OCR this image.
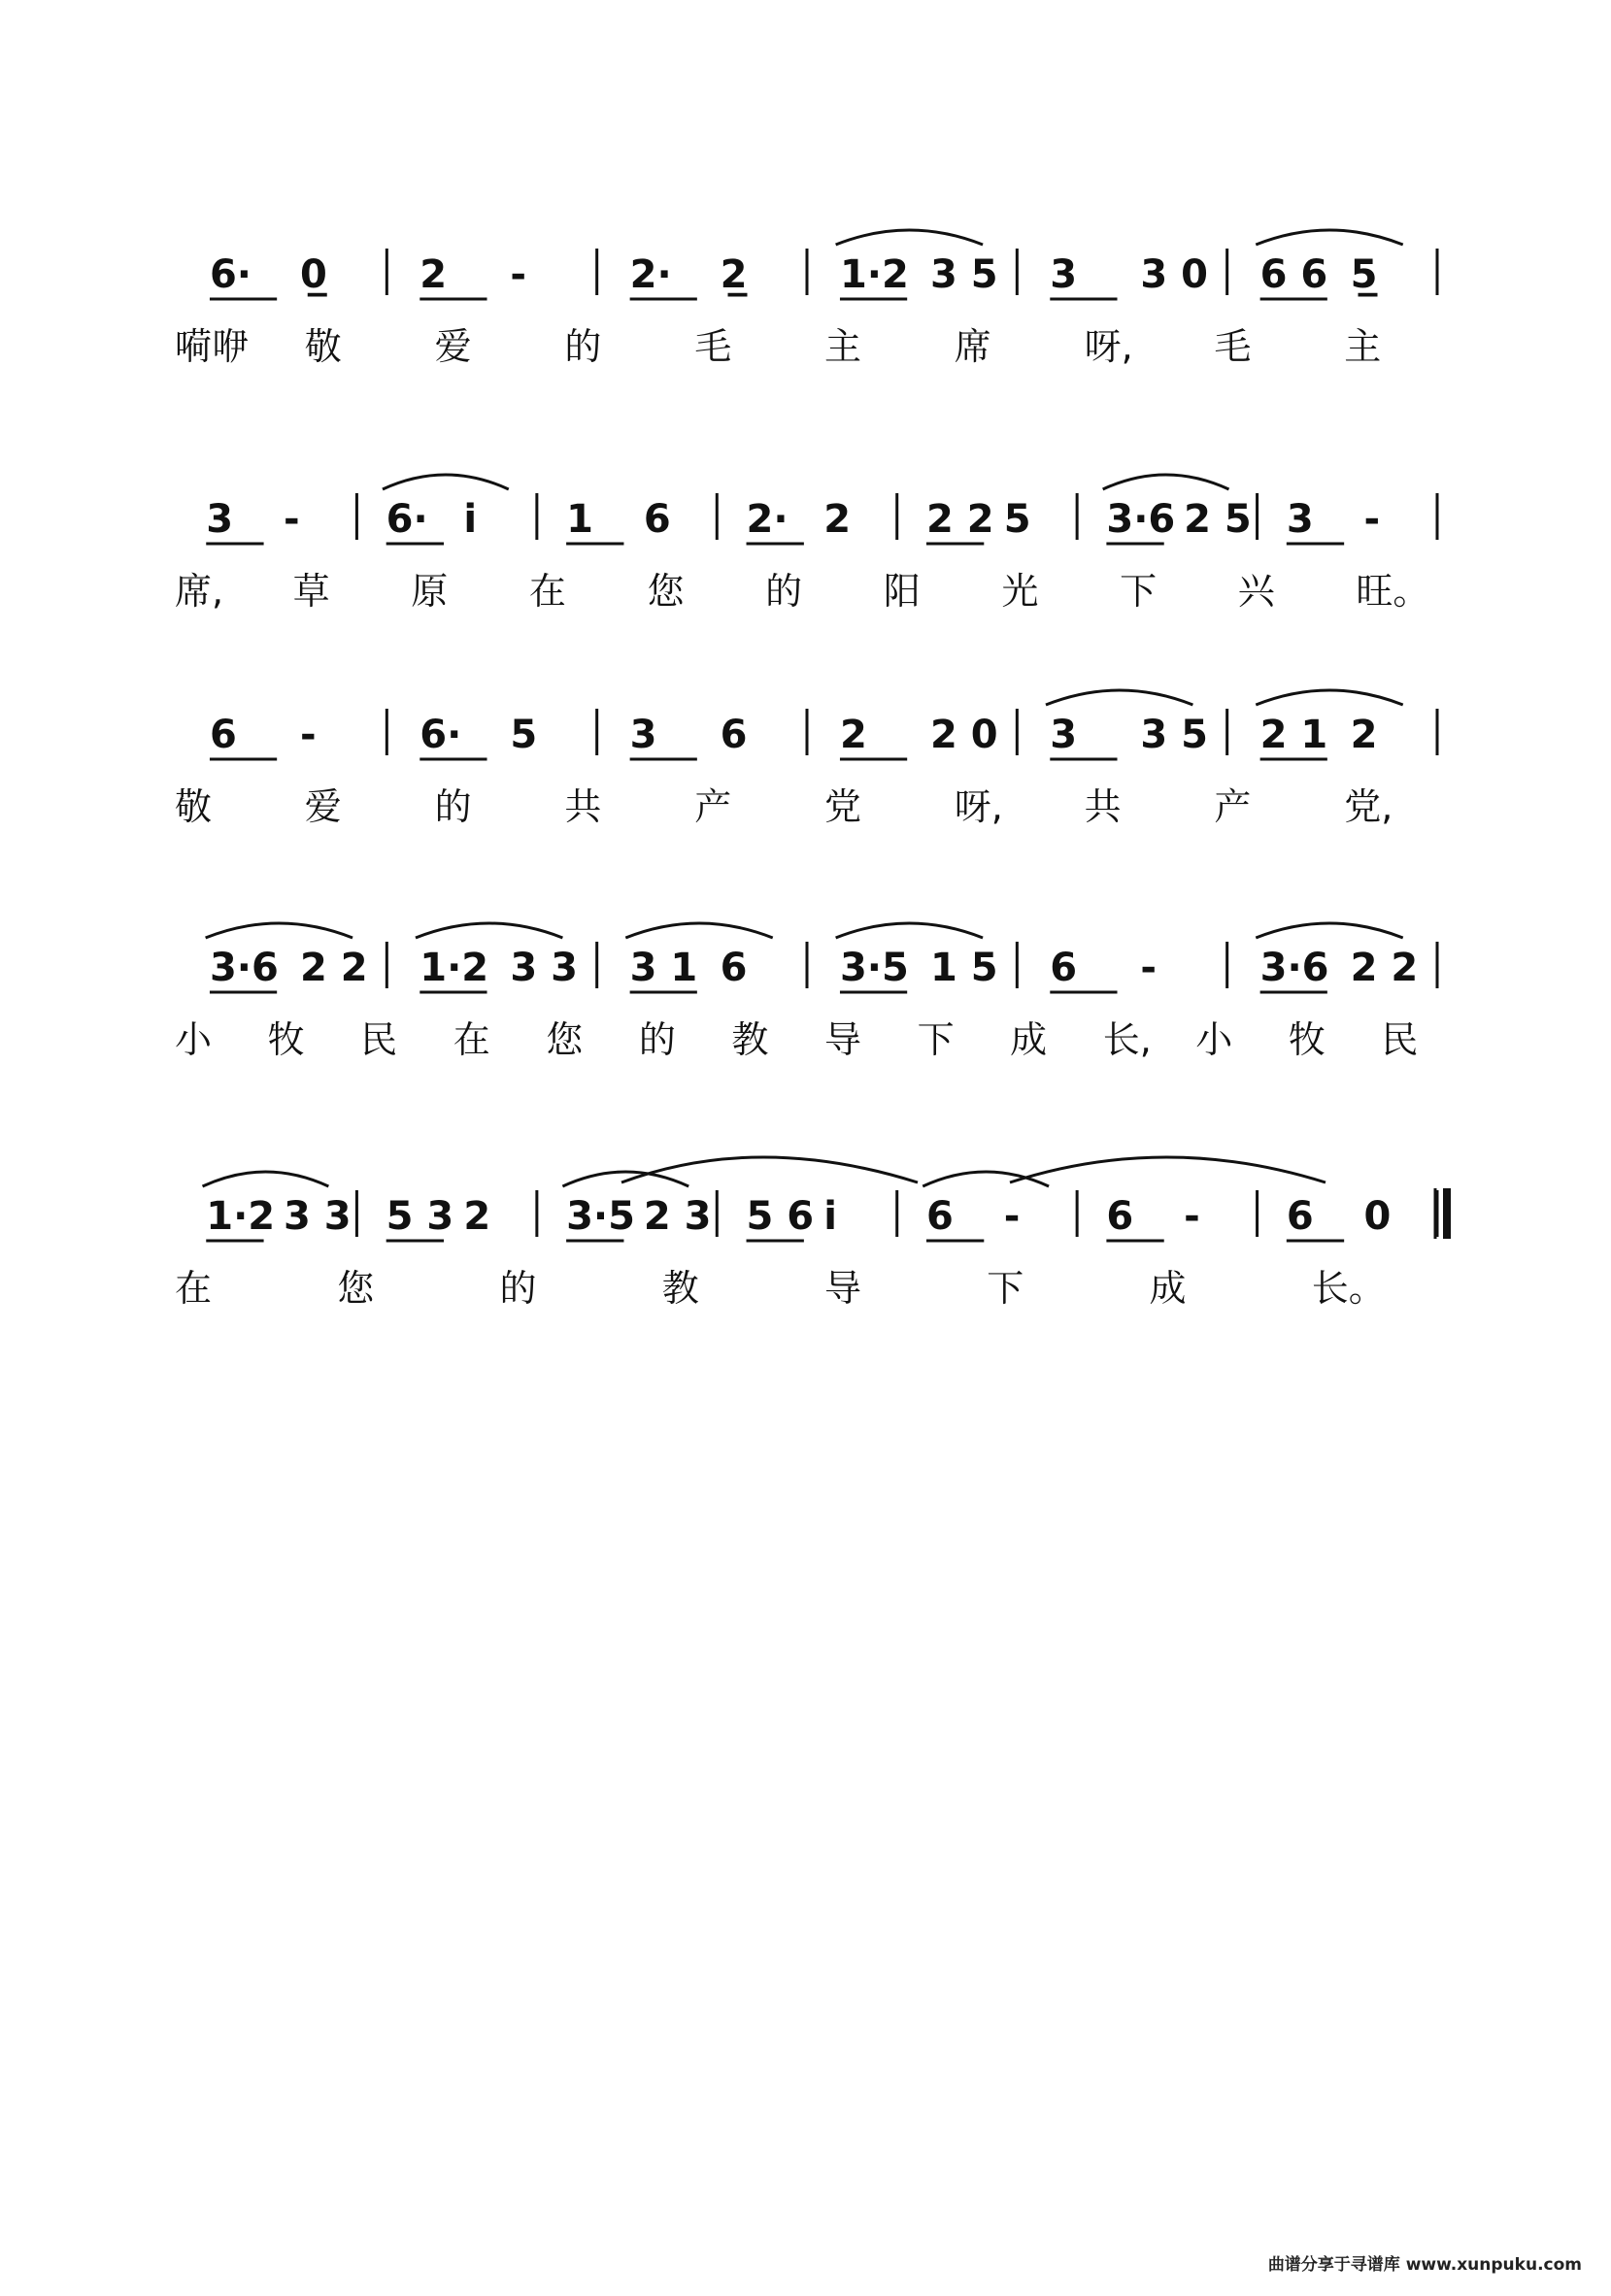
6· 0̲ 2 -	2· 2̲ 1·2 3 5 3 3 0 6 6 5̲
嗬咿 敬	爱	的	毛	主	席	呀, 毛	主
3 - 6· i 1 6 2· 2 2 2 5 3·6 2 5 3 -
席, 草 原 在 您 的 阳 光 下 兴 旺。
6 -	6· 5 3 6 2 2 0 3 3 5 2 1 2
敬	爱	的	共	产	党	呀, 共	产	党,
3·6 2 2 1·2 3 3 3 1 6 3·5 1 5 6 -	3·6 2 2
小 牧 民 在 您 的 教 导 下 成 长, 小 牧 民
1·2 3 3 5 3 2 3·5 2 3 5 6 i 6 - 6 - 6 0
在	您	的	教	导	下	成	长。
曲谱分享于寻谱库 www.xunpuku.com
